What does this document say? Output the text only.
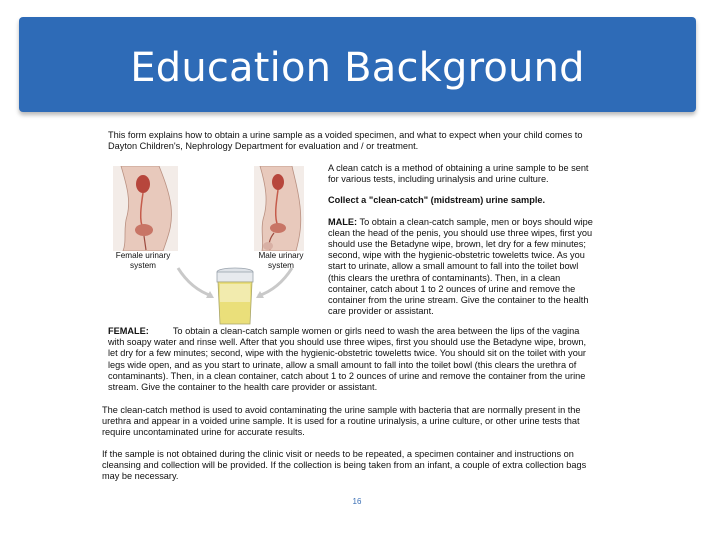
Education Background
This form explains how to obtain a urine sample as a voided specimen, and what to expect when your child comes to Dayton Children's, Nephrology Department for evaluation and / or treatment.
Female urinary system
Male urinary system

A clean catch is a method of obtaining a urine sample to be sent for various tests, including urinalysis and urine culture.

Collect a "clean-catch" (midstream) urine sample.

MALE: To obtain a clean-catch sample, men or boys should wipe clean the head of the penis, you should use three wipes, first you should use the Betadyne wipe, brown, let dry for a few minutes; second, wipe with the hygienic-obstetric toweletts twice. As you start to urinate, allow a small amount to fall into the toilet bowl (this clears the urethra of contaminants). Then, in a clean container, catch about 1 to 2 ounces of urine and remove the container from the urine stream. Give the container to the health care provider or assistant.

FEMALE:	To obtain a clean-catch sample women or girls need to wash the area between the lips of the vagina with soapy water and rinse well. After that you should use three wipes, first you should use the Betadyne wipe, brown, let dry for a few minutes; second, wipe with the hygienic-obstetric toweletts twice. You should sit on the toilet with your legs wide open, and as you start to urinate, allow a small amount to fall into the toilet bowl (this clears the urethra of contaminants). Then, in a clean container, catch about 1 to 2 ounces of urine and remove the container from the urine stream. Give the container to the health care provider or assistant.
The clean-catch method is used to avoid contaminating the urine sample with bacteria that are normally present in the urethra and appear in a voided urine sample. It is used for a routine urinalysis, a urine culture, or other urine tests that require uncontaminated urine for accurate results.
If the sample is not obtained during the clinic visit or needs to be repeated, a specimen container and instructions on cleansing and collection will be provided. If the collection is being taken from an infant, a couple of extra collection bags may be necessary.
16
